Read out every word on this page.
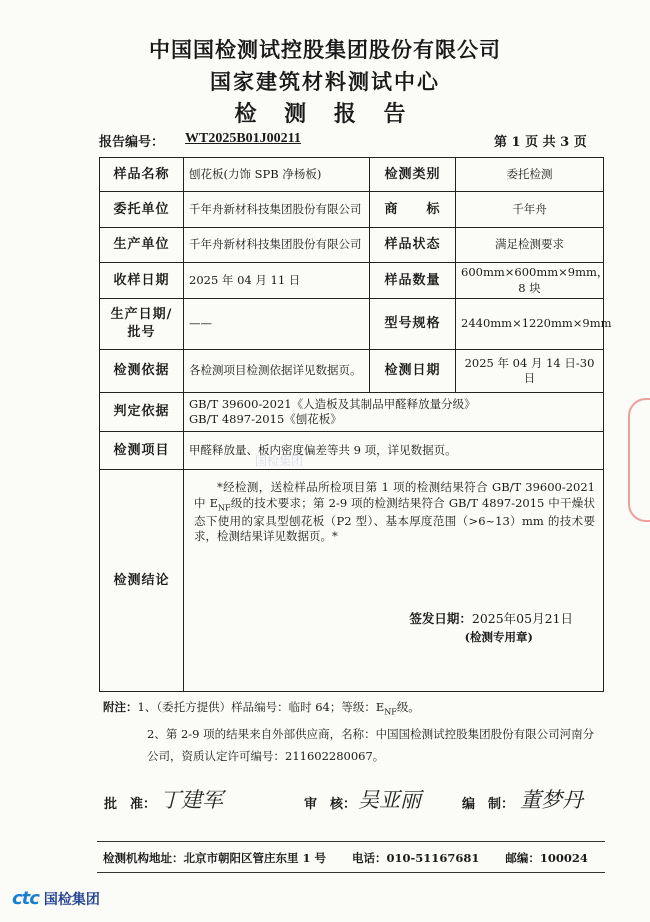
中国国检测试控股集团股份有限公司
国家建筑材料测试中心
检 测 报 告
报告编号： WT2025B01J00211	第 1 页 共 3 页
样品名称	刨花板(力饰 SPB 净杨板)	检测类别	委托检测
委托单位	千年舟新材科技集团股份有限公司	商　　标	千年舟
生产单位	千年舟新材科技集团股份有限公司	样品状态	满足检测要求
收样日期	2025 年 04 月 11 日	样品数量	600mm×600mm×9mm，8 块
生产日期/批号	——	型号规格	2440mm×1220mm×9mm
检测依据	各检测项目检测依据详见数据页。	检测日期	2025 年 04 月 14 日-30 日
判定依据	GB/T 39600-2021《人造板及其制品甲醛释放量分级》
GB/T 4897-2015《刨花板》		

检测项目	甲醛释放量、板内密度偏差等共 9 项，详见数据页。		
检测结论	*经检测，送检样品所检项目第 1 项的检测结果符合 GB/T 39600-2021 中 $E_{NF}$级的技术要求；第 2-9 项的检测结果符合 GB/T 4897-2015 中干燥状态下使用的家具型刨花板（P2 型）、基本厚度范围（>6~13）mm 的技术要求，检测结果详见数据页。*
签发日期：2025年05月21日
(检测专用章)		
国检集团
附注：1、（委托方提供）样品编号：临时 64；等级：$E_{NF}$级。
2、第 2-9 项的结果来自外部供应商，名称：中国国检测试控股集团股份有限公司河南分公司，资质认定许可编号：211602280067。
批　准： 丁建军	审　核： 吴亚丽	编　制： 董梦丹
检测机构地址：北京市朝阳区管庄东里 1 号 电话：010-51167681 邮编：100024
ctc 国检集团
